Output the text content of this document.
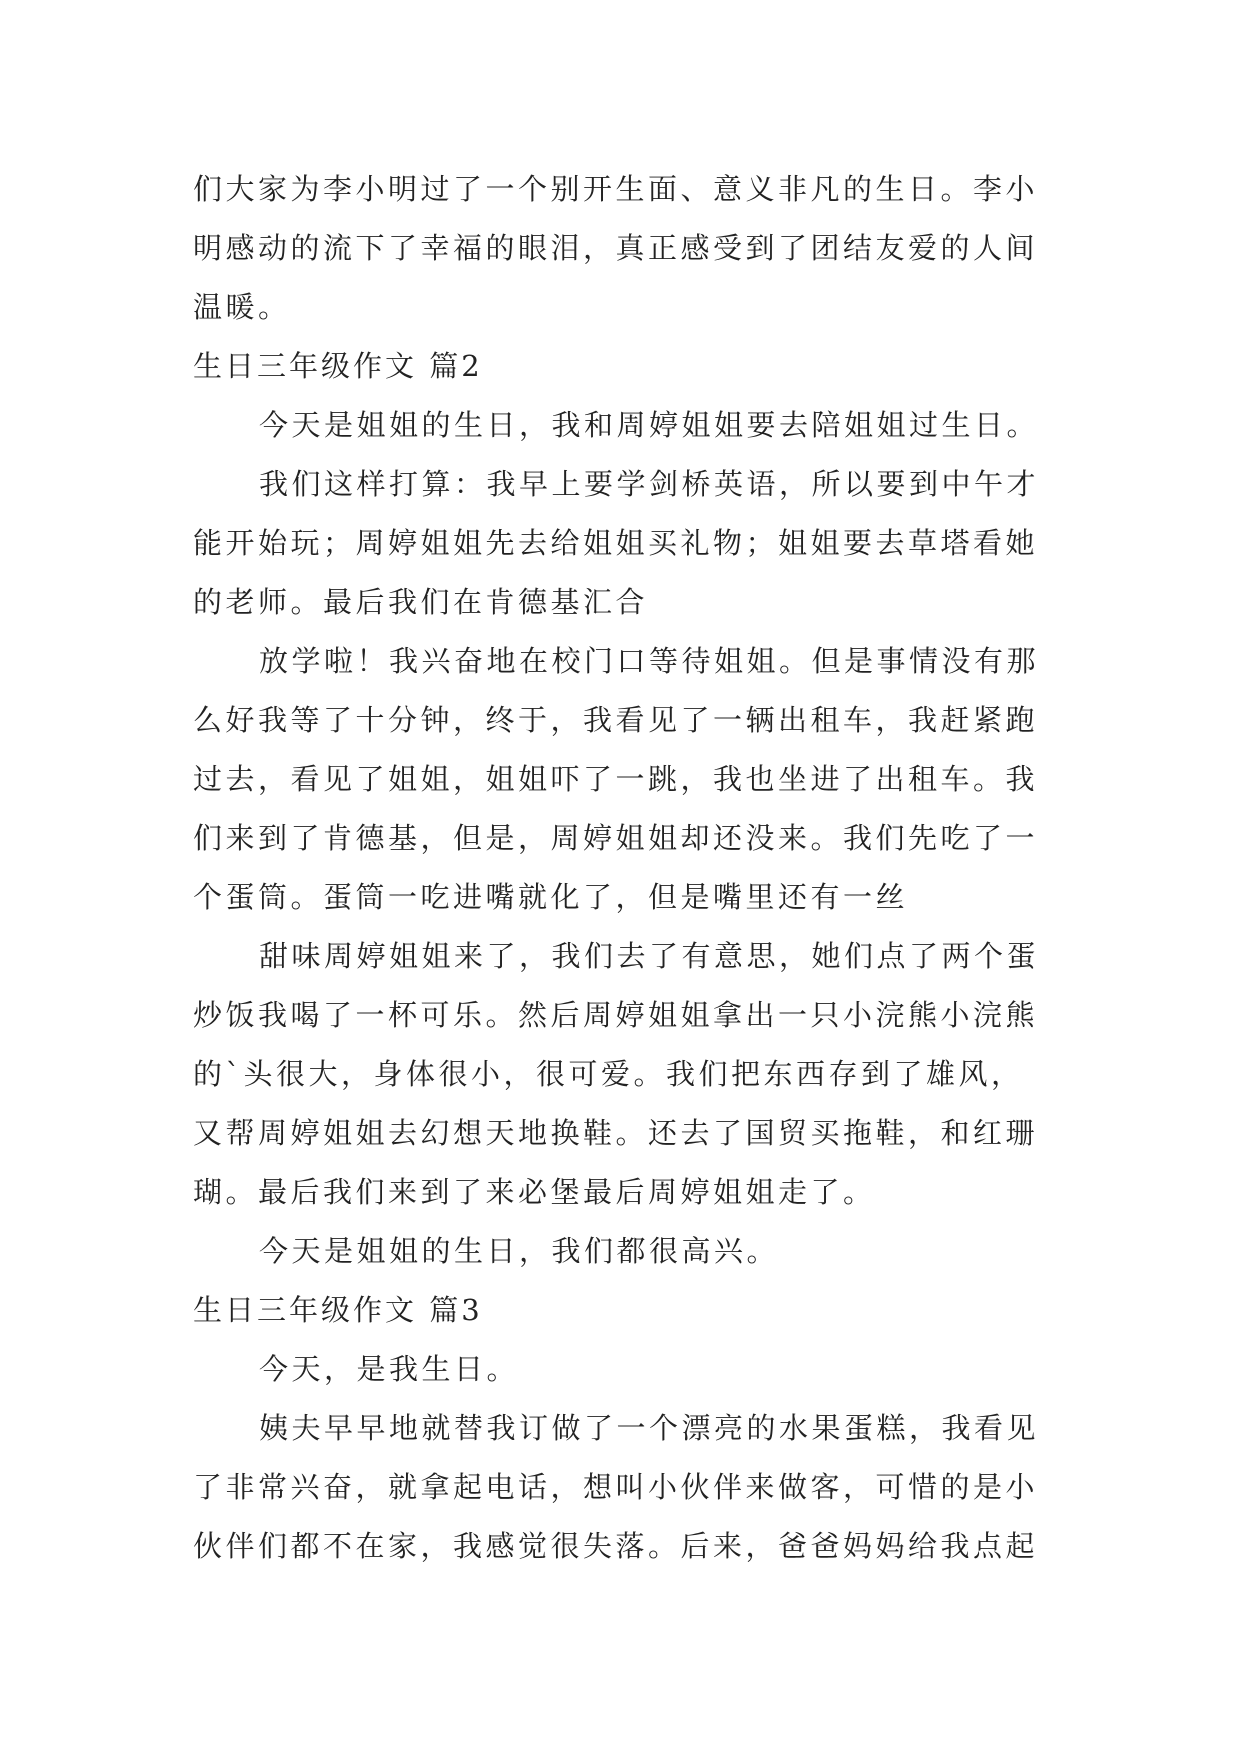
们大家为李小明过了一个别开生面、意义非凡的生日。李小
明感动的流下了幸福的眼泪，真正感受到了团结友爱的人间
温暖。
生日三年级作文 篇2
今天是姐姐的生日，我和周婷姐姐要去陪姐姐过生日。
我们这样打算：我早上要学剑桥英语，所以要到中午才
能开始玩；周婷姐姐先去给姐姐买礼物；姐姐要去草塔看她
的老师。最后我们在肯德基汇合
放学啦！我兴奋地在校门口等待姐姐。但是事情没有那
么好我等了十分钟，终于，我看见了一辆出租车，我赶紧跑
过去，看见了姐姐，姐姐吓了一跳，我也坐进了出租车。我
们来到了肯德基，但是，周婷姐姐却还没来。我们先吃了一
个蛋筒。蛋筒一吃进嘴就化了，但是嘴里还有一丝
甜味周婷姐姐来了，我们去了有意思，她们点了两个蛋
炒饭我喝了一杯可乐。然后周婷姐姐拿出一只小浣熊小浣熊
的`头很大，身体很小，很可爱。我们把东西存到了雄风，
又帮周婷姐姐去幻想天地换鞋。还去了国贸买拖鞋，和红珊
瑚。最后我们来到了来必堡最后周婷姐姐走了。
今天是姐姐的生日，我们都很高兴。
生日三年级作文 篇3
今天，是我生日。
姨夫早早地就替我订做了一个漂亮的水果蛋糕，我看见
了非常兴奋，就拿起电话，想叫小伙伴来做客，可惜的是小
伙伴们都不在家，我感觉很失落。后来，爸爸妈妈给我点起
